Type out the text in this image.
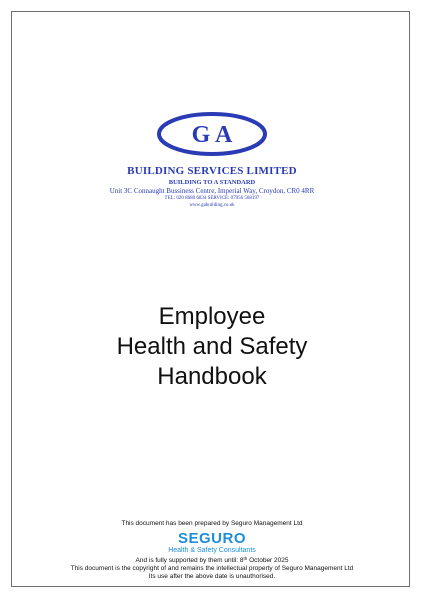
G A
BUILDING SERVICES LIMITED
BUILDING TO A STANDARD
Unit 3C Connaught Bussiness Centre, Imperial Way, Croydon, CR0 4RR
TEL: 020 8680 6834 SERVICE: 07956 568197
www.gabuilding.co.uk
Employee
Health and Safety
Handbook
This document has been prepared by Seguro Management Ltd
SEGURO
Health & Safety Consultants
And is fully supported by them until: 8th October 2025
This document is the copyright of and remains the intellectual property of Seguro Management Ltd
Its use after the above date is unauthorised.
